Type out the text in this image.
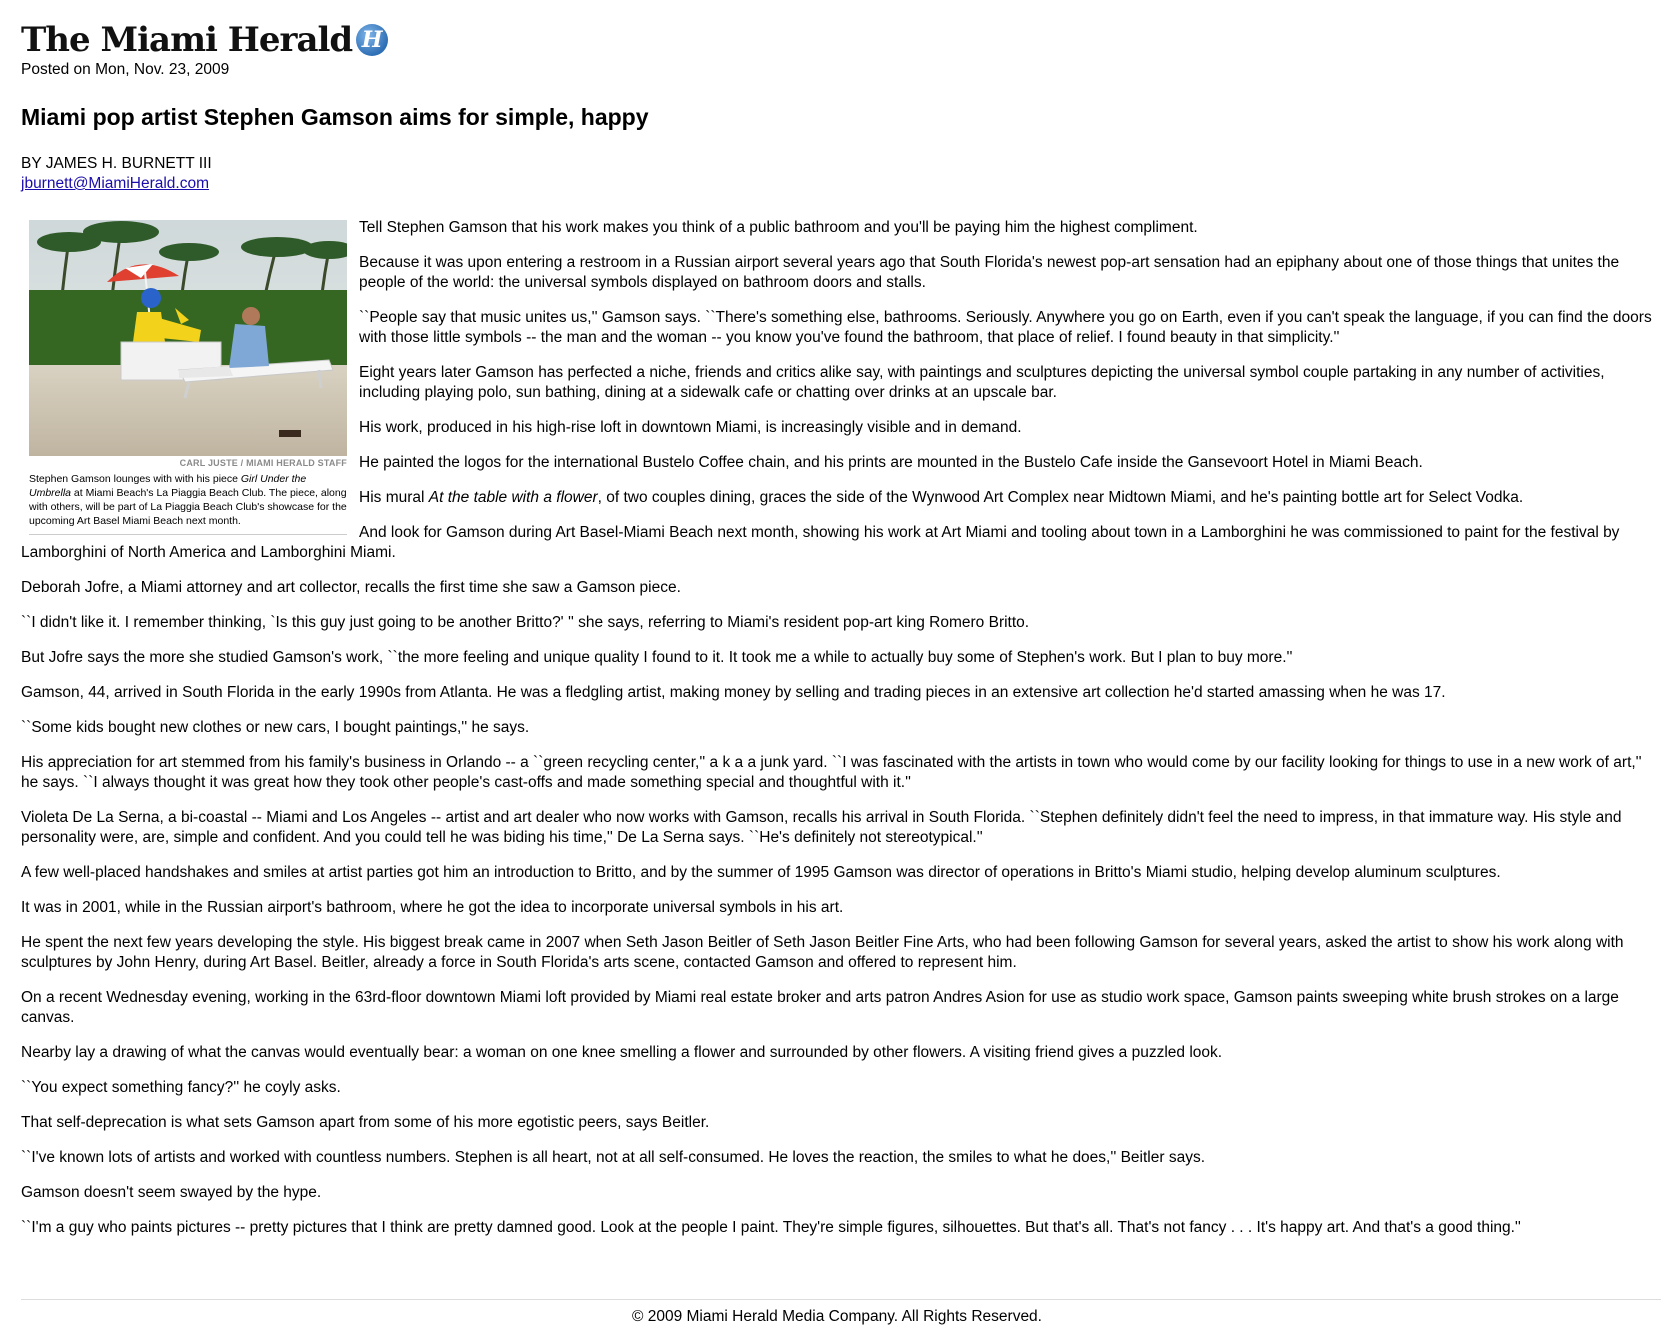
The Miami Herald H
Posted on Mon, Nov. 23, 2009
Miami pop artist Stephen Gamson aims for simple, happy
BY JAMES H. BURNETT III
jburnett@MiamiHerald.com
CARL JUSTE / MIAMI HERALD STAFF
Stephen Gamson lounges with with his piece Girl Under the Umbrella at Miami Beach's La Piaggia Beach Club. The piece, along with others, will be part of La Piaggia Beach Club's showcase for the upcoming Art Basel Miami Beach next month.

Tell Stephen Gamson that his work makes you think of a public bathroom and you'll be paying him the highest compliment.

Because it was upon entering a restroom in a Russian airport several years ago that South Florida's newest pop-art sensation had an epiphany about one of those things that unites the people of the world: the universal symbols displayed on bathroom doors and stalls.

``People say that music unites us,'' Gamson says. ``There's something else, bathrooms. Seriously. Anywhere you go on Earth, even if you can't speak the language, if you can find the doors with those little symbols -- the man and the woman -- you know you've found the bathroom, that place of relief. I found beauty in that simplicity.''

Eight years later Gamson has perfected a niche, friends and critics alike say, with paintings and sculptures depicting the universal symbol couple partaking in any number of activities, including playing polo, sun bathing, dining at a sidewalk cafe or chatting over drinks at an upscale bar.

His work, produced in his high-rise loft in downtown Miami, is increasingly visible and in demand.

He painted the logos for the international Bustelo Coffee chain, and his prints are mounted in the Bustelo Cafe inside the Gansevoort Hotel in Miami Beach.

His mural At the table with a flower, of two couples dining, graces the side of the Wynwood Art Complex near Midtown Miami, and he's painting bottle art for Select Vodka.

And look for Gamson during Art Basel-Miami Beach next month, showing his work at Art Miami and tooling about town in a Lamborghini he was commissioned to paint for the festival by Lamborghini of North America and Lamborghini Miami.

Deborah Jofre, a Miami attorney and art collector, recalls the first time she saw a Gamson piece.

``I didn't like it. I remember thinking, `Is this guy just going to be another Britto?' '' she says, referring to Miami's resident pop-art king Romero Britto.

But Jofre says the more she studied Gamson's work, ``the more feeling and unique quality I found to it. It took me a while to actually buy some of Stephen's work. But I plan to buy more.''

Gamson, 44, arrived in South Florida in the early 1990s from Atlanta. He was a fledgling artist, making money by selling and trading pieces in an extensive art collection he'd started amassing when he was 17.

``Some kids bought new clothes or new cars, I bought paintings,'' he says.

His appreciation for art stemmed from his family's business in Orlando -- a ``green recycling center,'' a k a a junk yard. ``I was fascinated with the artists in town who would come by our facility looking for things to use in a new work of art,'' he says. ``I always thought it was great how they took other people's cast-offs and made something special and thoughtful with it.''

Violeta De La Serna, a bi-coastal -- Miami and Los Angeles -- artist and art dealer who now works with Gamson, recalls his arrival in South Florida. ``Stephen definitely didn't feel the need to impress, in that immature way. His style and personality were, are, simple and confident. And you could tell he was biding his time,'' De La Serna says. ``He's definitely not stereotypical.''

A few well-placed handshakes and smiles at artist parties got him an introduction to Britto, and by the summer of 1995 Gamson was director of operations in Britto's Miami studio, helping develop aluminum sculptures.

It was in 2001, while in the Russian airport's bathroom, where he got the idea to incorporate universal symbols in his art.

He spent the next few years developing the style. His biggest break came in 2007 when Seth Jason Beitler of Seth Jason Beitler Fine Arts, who had been following Gamson for several years, asked the artist to show his work along with sculptures by John Henry, during Art Basel. Beitler, already a force in South Florida's arts scene, contacted Gamson and offered to represent him.

On a recent Wednesday evening, working in the 63rd-floor downtown Miami loft provided by Miami real estate broker and arts patron Andres Asion for use as studio work space, Gamson paints sweeping white brush strokes on a large canvas.

Nearby lay a drawing of what the canvas would eventually bear: a woman on one knee smelling a flower and surrounded by other flowers. A visiting friend gives a puzzled look.

``You expect something fancy?'' he coyly asks.

That self-deprecation is what sets Gamson apart from some of his more egotistic peers, says Beitler.

``I've known lots of artists and worked with countless numbers. Stephen is all heart, not at all self-consumed. He loves the reaction, the smiles to what he does,'' Beitler says.

Gamson doesn't seem swayed by the hype.

``I'm a guy who paints pictures -- pretty pictures that I think are pretty damned good. Look at the people I paint. They're simple figures, silhouettes. But that's all. That's not fancy . . . It's happy art. And that's a good thing.''

© 2009 Miami Herald Media Company. All Rights Reserved.
